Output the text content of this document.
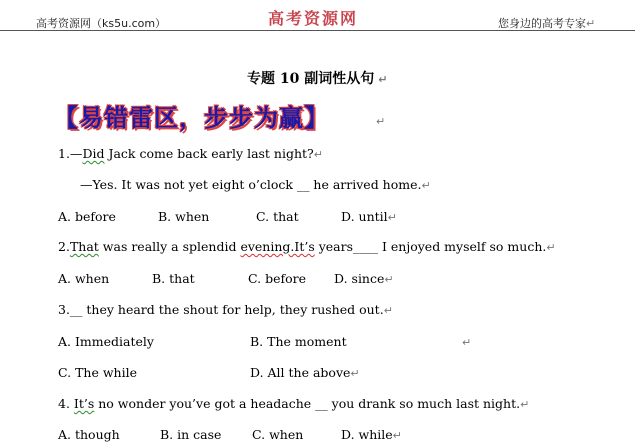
高考资源网（ks5u.com）	高考资源网	您身边的高考专家↵
专题 10 副词性从句 ↵
【易错雷区，步步为赢】	↵
1.—Did Jack come back early last night?↵
—Yes. It was not yet eight o’clock __ he arrived home.↵
A. before	B. when	C. that	D. until↵
2.That was really a splendid evening.It’s years____ I enjoyed myself so much.↵
A. when	B. that	C. before D. since↵
3.__ they heard the shout for help, they rushed out.↵
A. Immediately	B. The moment	↵
C. The while	D. All the above↵
4. It’s no wonder you’ve got a headache __ you drank so much last night.↵
A. though	B. in case C. when	D. while↵
